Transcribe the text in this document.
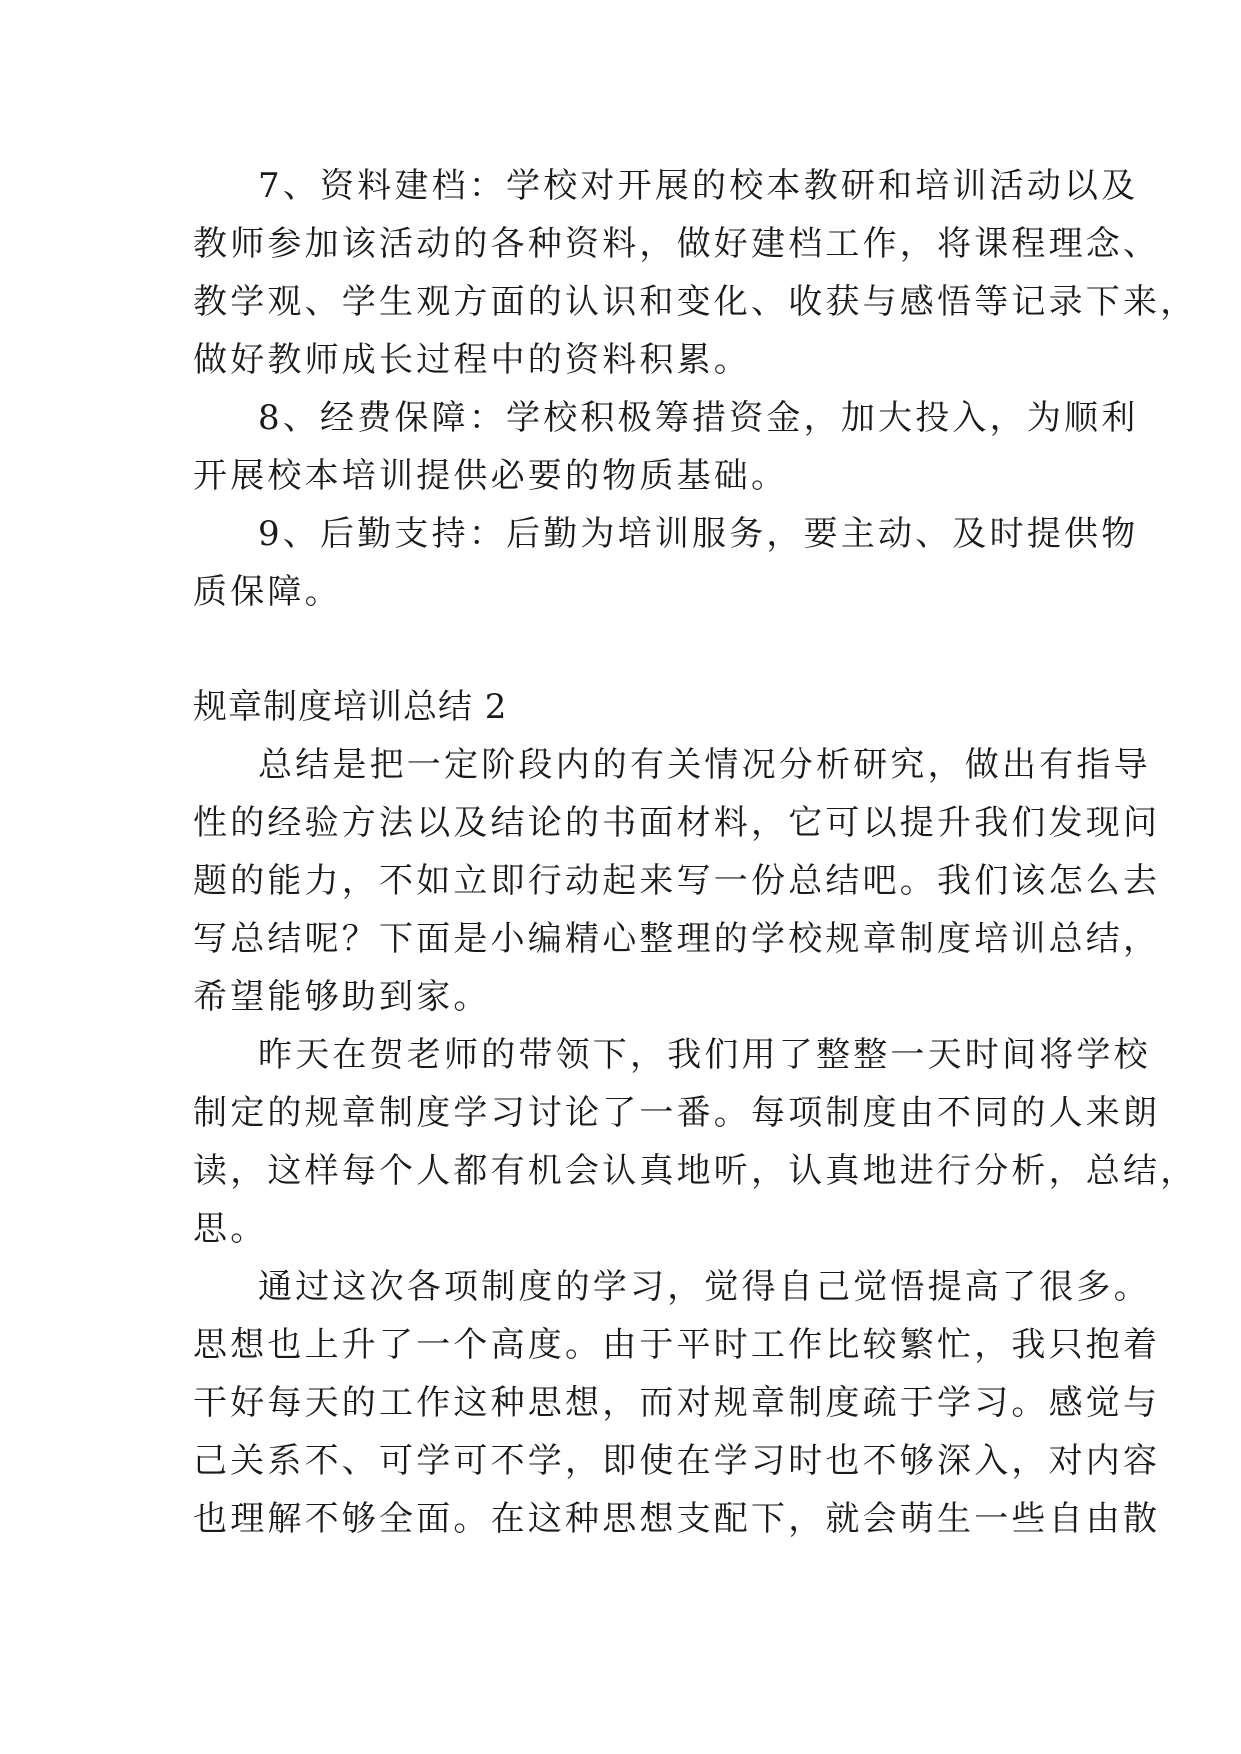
7、资料建档：学校对开展的校本教研和培训活动以及
教师参加该活动的各种资料，做好建档工作，将课程理念、
教学观、学生观方面的认识和变化、收获与感悟等记录下来，
做好教师成长过程中的资料积累。
8、经费保障：学校积极筹措资金，加大投入，为顺利
开展校本培训提供必要的物质基础。
9、后勤支持：后勤为培训服务，要主动、及时提供物
质保障。
规章制度培训总结 2
总结是把一定阶段内的有关情况分析研究，做出有指导
性的经验方法以及结论的书面材料，它可以提升我们发现问
题的能力，不如立即行动起来写一份总结吧。我们该怎么去
写总结呢？下面是小编精心整理的学校规章制度培训总结，
希望能够助到家。
昨天在贺老师的带领下，我们用了整整一天时间将学校
制定的规章制度学习讨论了一番。每项制度由不同的人来朗
读，这样每个人都有机会认真地听，认真地进行分析，总结，
思。
通过这次各项制度的学习，觉得自己觉悟提高了很多。
思想也上升了一个高度。由于平时工作比较繁忙，我只抱着
干好每天的工作这种思想，而对规章制度疏于学习。感觉与
己关系不、可学可不学，即使在学习时也不够深入，对内容
也理解不够全面。在这种思想支配下，就会萌生一些自由散
